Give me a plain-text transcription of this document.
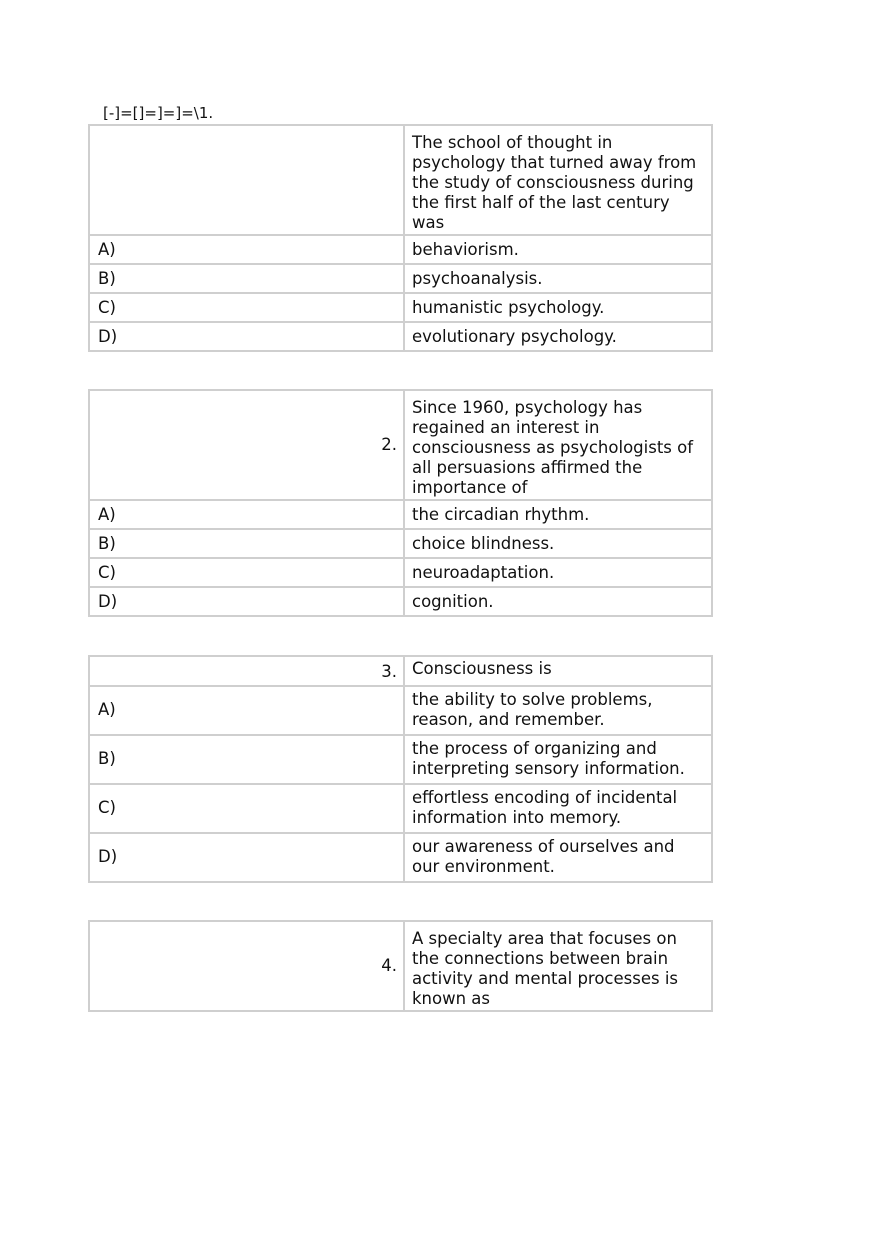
[-]=[]=]=]=\1.
	The school of thought in psychology that turned away from the study of consciousness during the first half of the last century was
A)	behaviorism.
B)	psychoanalysis.
C)	humanistic psychology.
D)	evolutionary psychology.
2.	Since 1960, psychology has regained an interest in consciousness as psychologists of all persuasions affirmed the importance of
A)	the circadian rhythm.
B)	choice blindness.
C)	neuroadaptation.
D)	cognition.
3.	Consciousness is
A)	the ability to solve problems, reason, and remember.
B)	the process of organizing and interpreting sensory information.
C)	effortless encoding of incidental information into memory.
D)	our awareness of ourselves and our environment.
4.	A specialty area that focuses on the connections between brain activity and mental processes is known as
